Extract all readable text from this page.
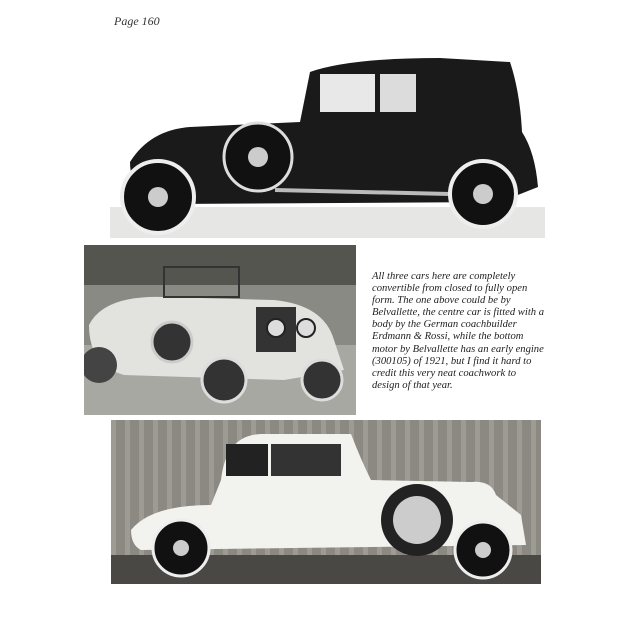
Page 160
All three cars here are completely convertible from closed to fully open form. The one above could be by Belvallette, the centre car is fitted with a body by the German coachbuilder Erdmann & Rossi, while the bottom motor by Belvallette has an early engine (300105) of 1921, but I find it hard to credit this very neat coachwork to design of that year.
